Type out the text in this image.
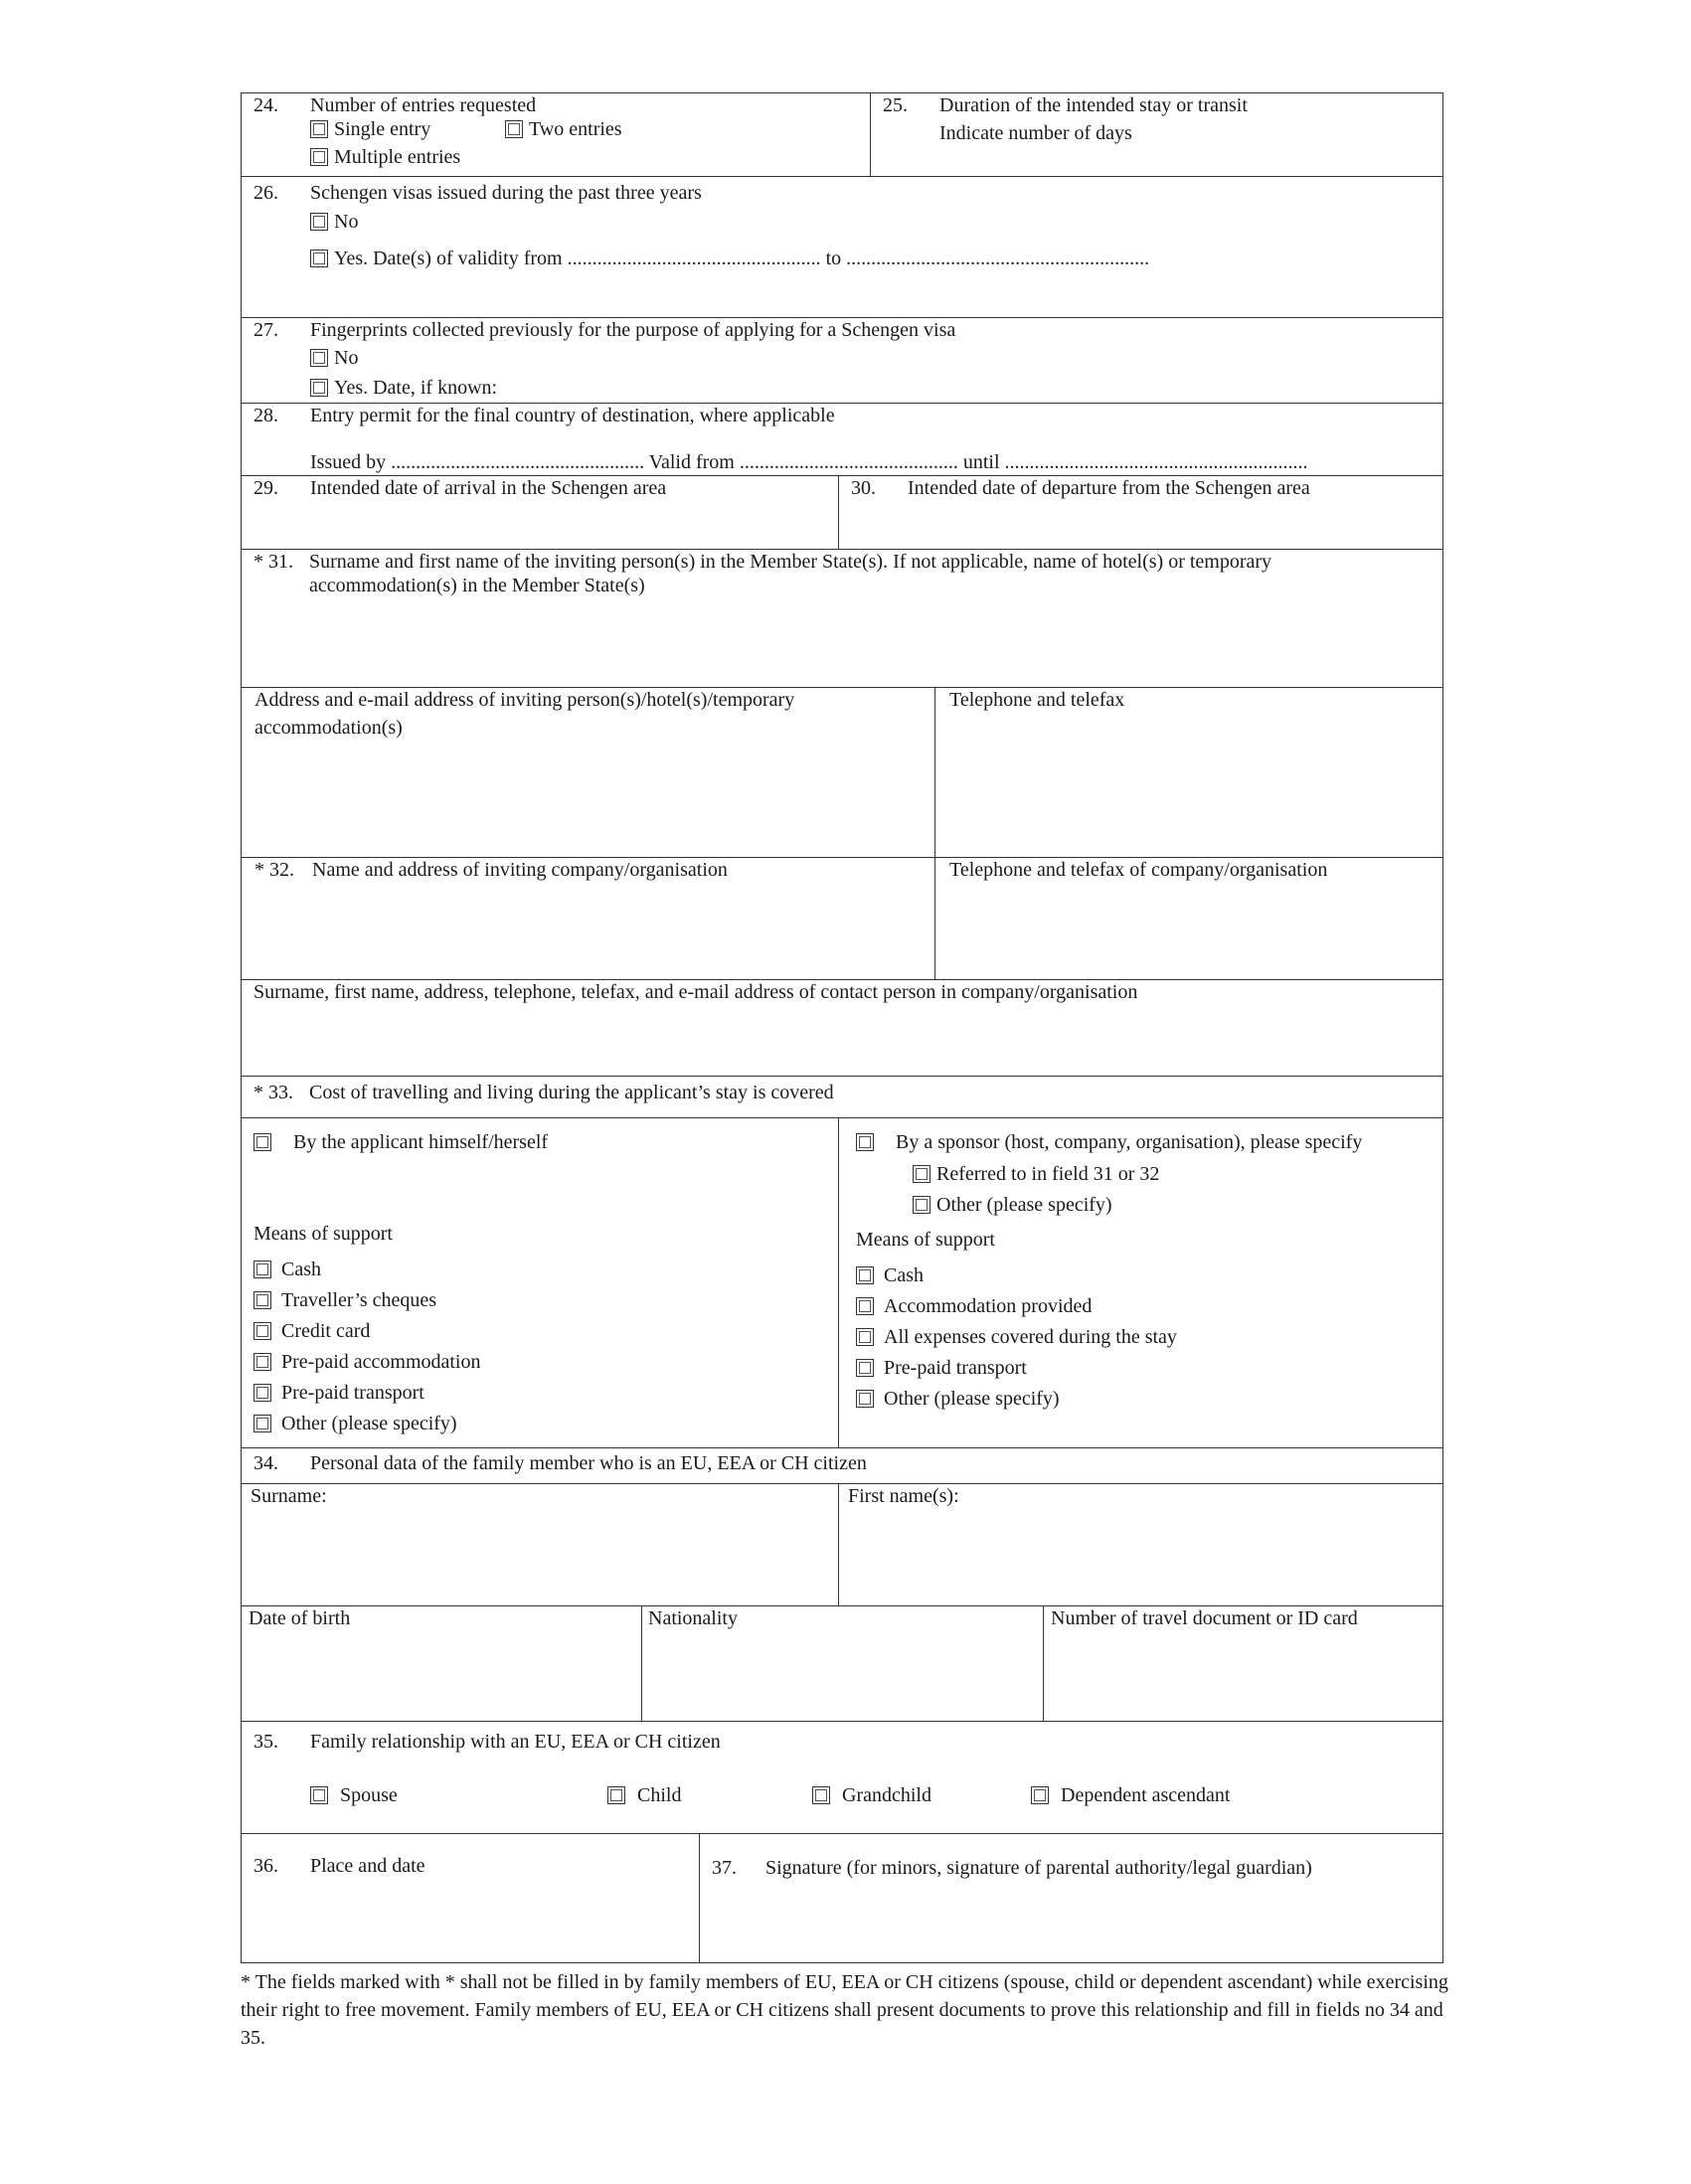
24. Number of entries requested
Single entry	Two entries
Multiple entries
25. Duration of the intended stay or transit
Indicate number of days
26. Schengen visas issued during the past three years
No
Yes. Date(s) of validity from ................................................... to .............................................................
27. Fingerprints collected previously for the purpose of applying for a Schengen visa
No
Yes. Date, if known:
28. Entry permit for the final country of destination, where applicable
Issued by ................................................... Valid from ............................................ until .............................................................
29. Intended date of arrival in the Schengen area	30. Intended date of departure from the Schengen area
* 31. Surname and first name of the inviting person(s) in the Member State(s). If not applicable, name of hotel(s) or temporary
accommodation(s) in the Member State(s)
Address and e-mail address of inviting person(s)/hotel(s)/temporary
accommodation(s)
Telephone and telefax
* 32. Name and address of inviting company/organisation	Telephone and telefax of company/organisation
Surname, first name, address, telephone, telefax, and e-mail address of contact person in company/organisation
* 33. Cost of travelling and living during the applicant’s stay is covered
By the applicant himself/herself
Means of support
Cash
Traveller’s cheques
Credit card
Pre-paid accommodation
Pre-paid transport
Other (please specify)
By a sponsor (host, company, organisation), please specify
Referred to in field 31 or 32
Other (please specify)
Means of support
Cash
Accommodation provided
All expenses covered during the stay
Pre-paid transport
Other (please specify)
34. Personal data of the family member who is an EU, EEA or CH citizen
Surname:	First name(s):
Date of birth	Nationality	Number of travel document or ID card
35. Family relationship with an EU, EEA or CH citizen
Spouse	Child	Grandchild	Dependent ascendant
36. Place and date	37. Signature (for minors, signature of parental authority/legal guardian)
* The fields marked with * shall not be filled in by family members of EU, EEA or CH citizens (spouse, child or dependent ascendant) while exercising their right to free movement. Family members of EU, EEA or CH citizens shall present documents to prove this relationship and fill in fields no 34 and 35.
